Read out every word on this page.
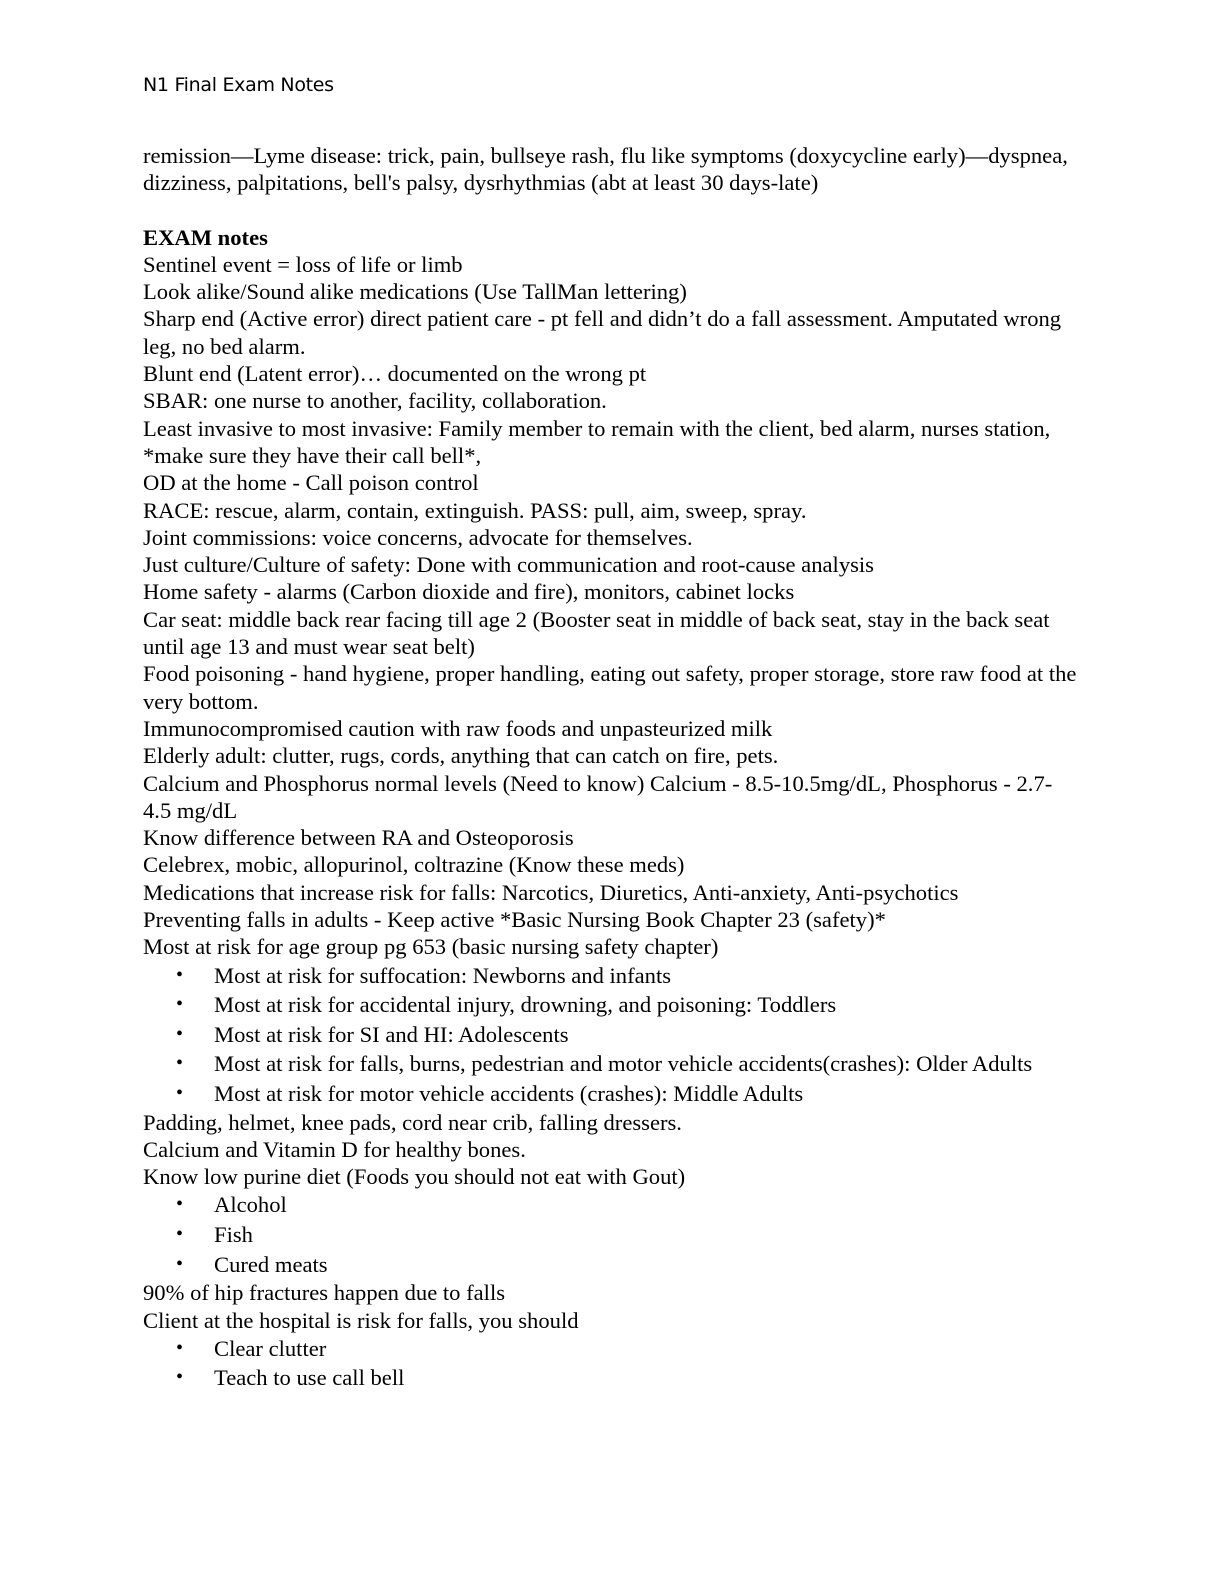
N1 Final Exam Notes

remission—Lyme disease: trick, pain, bullseye rash, flu like symptoms (doxycycline early)—dyspnea, dizziness, palpitations, bell's palsy, dysrhythmias (abt at least 30 days-late)

EXAM notes

Sentinel event = loss of life or limb

Look alike/Sound alike medications (Use TallMan lettering)

Sharp end (Active error) direct patient care - pt fell and didn’t do a fall assessment. Amputated wrong leg, no bed alarm.

Blunt end (Latent error)… documented on the wrong pt

SBAR: one nurse to another, facility, collaboration.

Least invasive to most invasive: Family member to remain with the client, bed alarm, nurses station, *make sure they have their call bell*,

OD at the home - Call poison control

RACE: rescue, alarm, contain, extinguish. PASS: pull, aim, sweep, spray.

Joint commissions: voice concerns, advocate for themselves.

Just culture/Culture of safety: Done with communication and root-cause analysis

Home safety - alarms (Carbon dioxide and fire), monitors, cabinet locks

Car seat: middle back rear facing till age 2 (Booster seat in middle of back seat, stay in the back seat until age 13 and must wear seat belt)

Food poisoning - hand hygiene, proper handling, eating out safety, proper storage, store raw food at the very bottom.

Immunocompromised caution with raw foods and unpasteurized milk

Elderly adult: clutter, rugs, cords, anything that can catch on fire, pets.

Calcium and Phosphorus normal levels (Need to know) Calcium - 8.5-10.5mg/dL, Phosphorus - 2.7-4.5 mg/dL

Know difference between RA and Osteoporosis

Celebrex, mobic, allopurinol, coltrazine (Know these meds)

Medications that increase risk for falls: Narcotics, Diuretics, Anti-anxiety, Anti-psychotics

Preventing falls in adults - Keep active *Basic Nursing Book Chapter 23 (safety)*

Most at risk for age group pg 653 (basic nursing safety chapter)

• Most at risk for suffocation: Newborns and infants
• Most at risk for accidental injury, drowning, and poisoning: Toddlers
• Most at risk for SI and HI: Adolescents
• Most at risk for falls, burns, pedestrian and motor vehicle accidents(crashes): Older Adults
• Most at risk for motor vehicle accidents (crashes): Middle Adults

Padding, helmet, knee pads, cord near crib, falling dressers.

Calcium and Vitamin D for healthy bones.

Know low purine diet (Foods you should not eat with Gout)

• Alcohol
• Fish
• Cured meats

90% of hip fractures happen due to falls

Client at the hospital is risk for falls, you should

• Clear clutter
• Teach to use call bell
